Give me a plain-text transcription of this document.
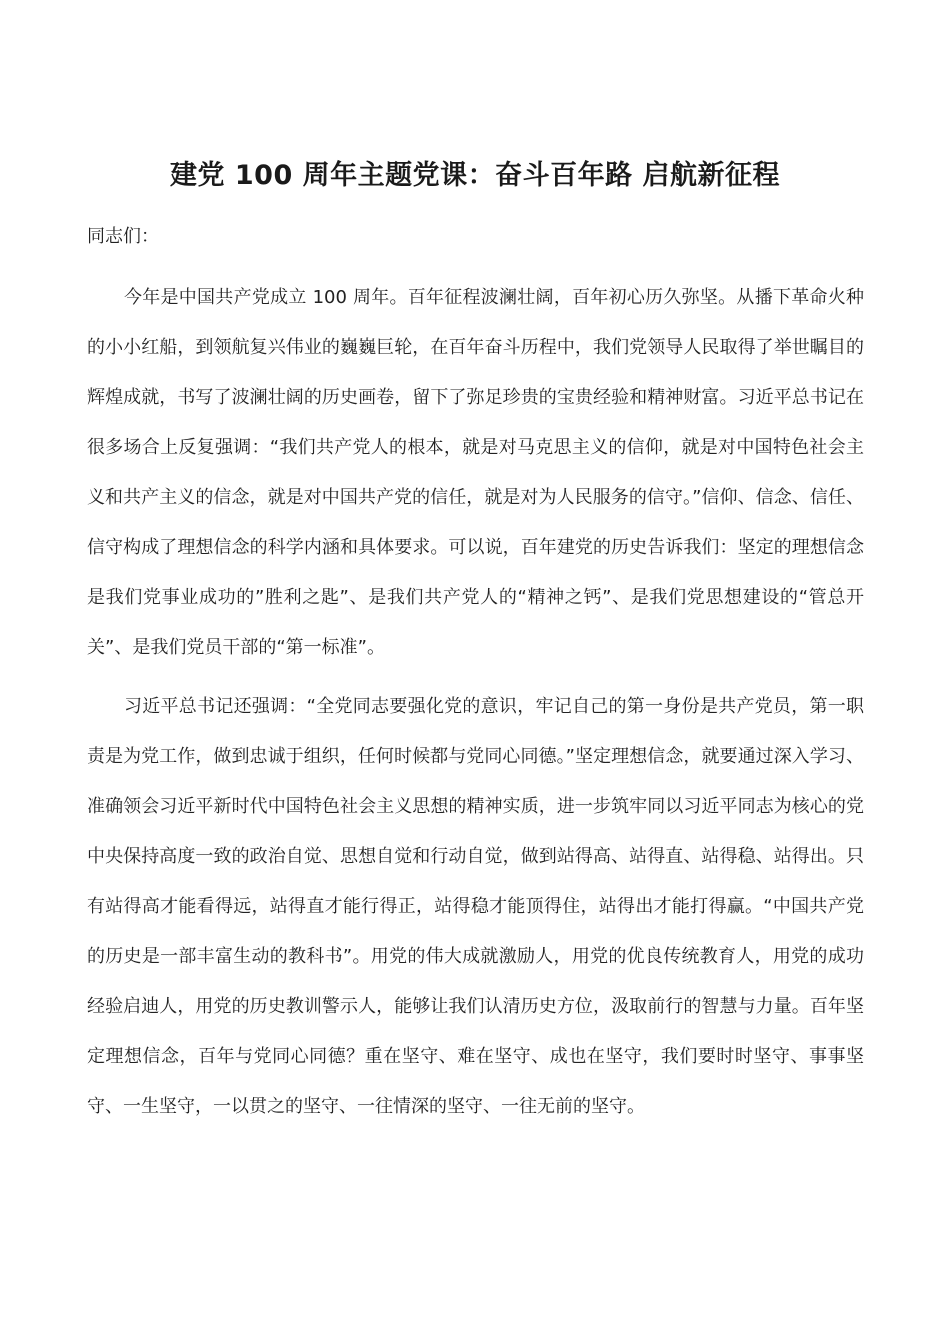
建党 100 周年主题党课：奋斗百年路 启航新征程
同志们：

今年是中国共产党成立 100 周年。百年征程波澜壮阔，百年初心历久弥坚。从播下革命火种的小小红船，到领航复兴伟业的巍巍巨轮，在百年奋斗历程中，我们党领导人民取得了举世瞩目的辉煌成就，书写了波澜壮阔的历史画卷，留下了弥足珍贵的宝贵经验和精神财富。习近平总书记在很多场合上反复强调：“我们共产党人的根本，就是对马克思主义的信仰，就是对中国特色社会主义和共产主义的信念，就是对中国共产党的信任，就是对为人民服务的信守。”信仰、信念、信任、信守构成了理想信念的科学内涵和具体要求。可以说，百年建党的历史告诉我们：坚定的理想信念是我们党事业成功的”胜利之匙”、是我们共产党人的“精神之钙”、是我们党思想建设的“管总开关”、是我们党员干部的“第一标准”。

习近平总书记还强调：“全党同志要强化党的意识，牢记自己的第一身份是共产党员，第一职责是为党工作，做到忠诚于组织，任何时候都与党同心同德。”坚定理想信念，就要通过深入学习、准确领会习近平新时代中国特色社会主义思想的精神实质，进一步筑牢同以习近平同志为核心的党中央保持高度一致的政治自觉、思想自觉和行动自觉，做到站得高、站得直、站得稳、站得出。只有站得高才能看得远，站得直才能行得正，站得稳才能顶得住，站得出才能打得赢。“中国共产党的历史是一部丰富生动的教科书”。用党的伟大成就激励人，用党的优良传统教育人，用党的成功经验启迪人，用党的历史教训警示人，能够让我们认清历史方位，汲取前行的智慧与力量。百年坚定理想信念，百年与党同心同德？重在坚守、难在坚守、成也在坚守，我们要时时坚守、事事坚守、一生坚守，一以贯之的坚守、一往情深的坚守、一往无前的坚守。
